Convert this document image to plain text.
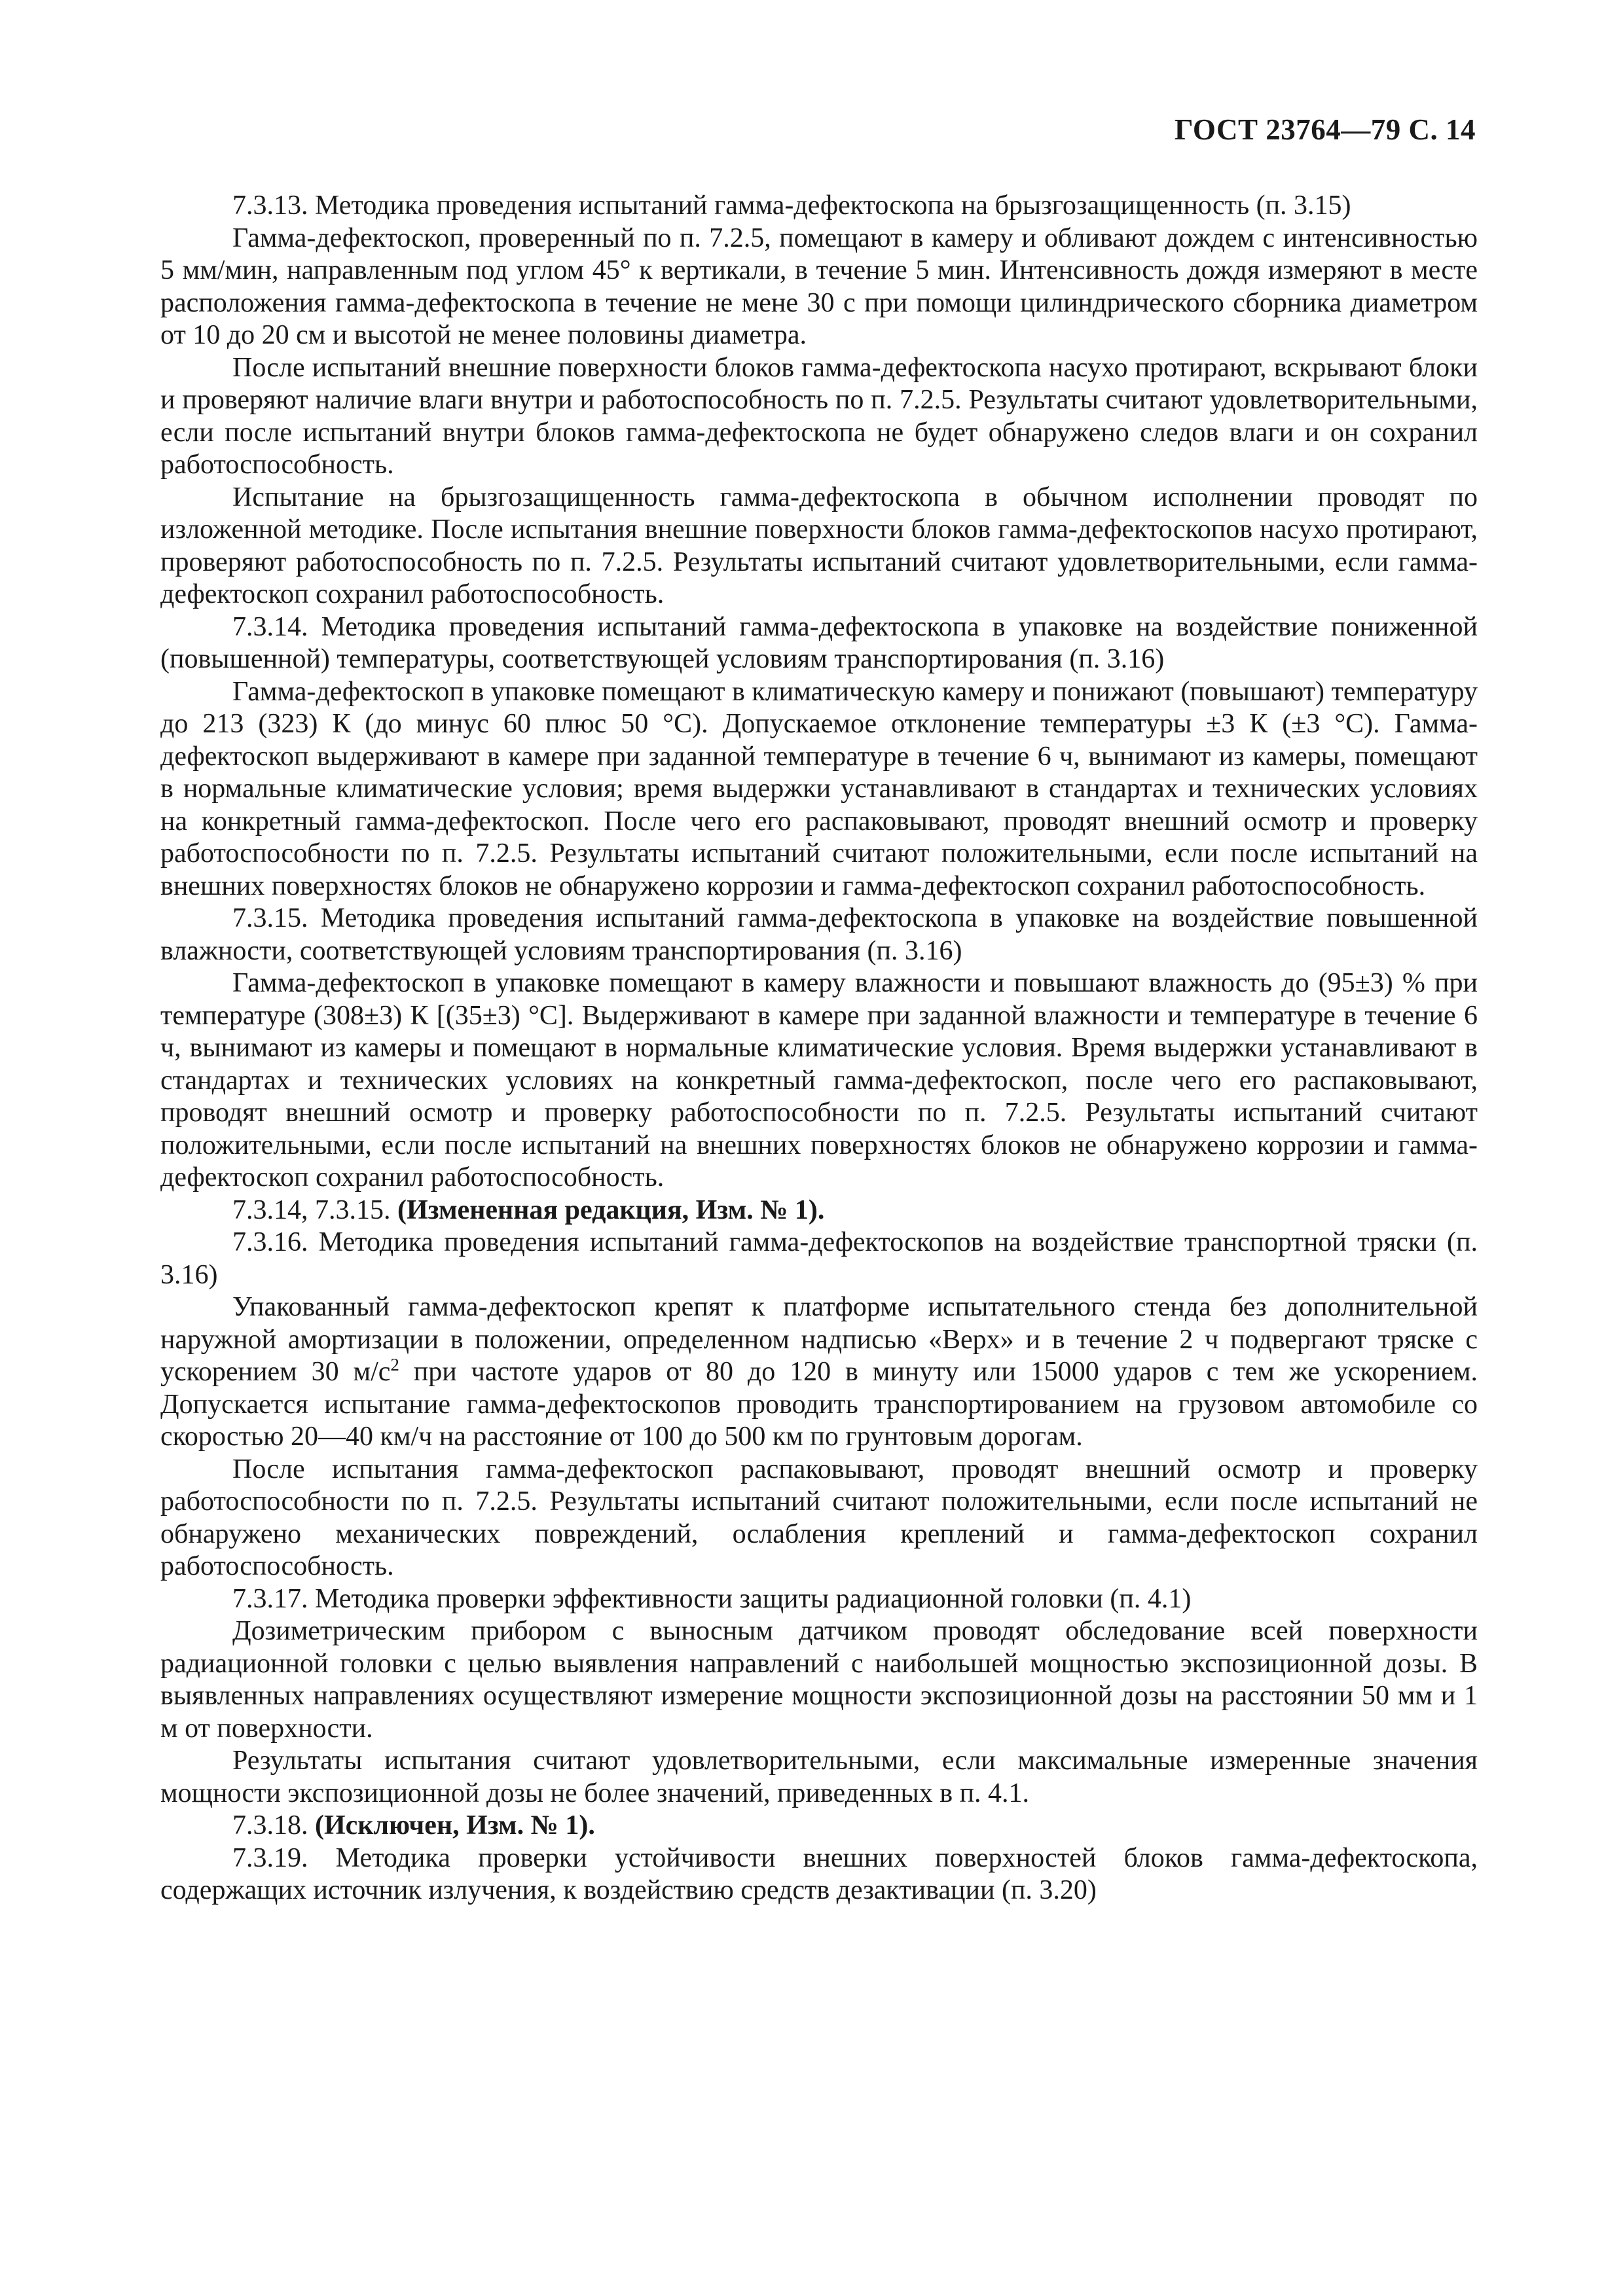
ГОСТ 23764—79 С. 14

7.3.13. Методика проведения испытаний гамма-дефектоскопа на брызгозащищенность (п. 3.15)

Гамма-дефектоскоп, проверенный по п. 7.2.5, помещают в камеру и обливают дождем с интенсивностью 5 мм/мин, направленным под углом 45° к вертикали, в течение 5 мин. Интенсивность дождя измеряют в месте расположения гамма-дефектоскопа в течение не мене 30 с при помощи цилиндрического сборника диаметром от 10 до 20 см и высотой не менее половины диаметра.

После испытаний внешние поверхности блоков гамма-дефектоскопа насухо протирают, вскрывают блоки и проверяют наличие влаги внутри и работоспособность по п. 7.2.5. Результаты считают удовлетворительными, если после испытаний внутри блоков гамма-дефектоскопа не будет обнаружено следов влаги и он сохранил работоспособность.

Испытание на брызгозащищенность гамма-дефектоскопа в обычном исполнении проводят по изложенной методике. После испытания внешние поверхности блоков гамма-дефектоскопов насухо протирают, проверяют работоспособность по п. 7.2.5. Результаты испытаний считают удовлетворительными, если гамма-дефектоскоп сохранил работоспособность.

7.3.14. Методика проведения испытаний гамма-дефектоскопа в упаковке на воздействие пониженной (повышенной) температуры, соответствующей условиям транспортирования (п. 3.16)

Гамма-дефектоскоп в упаковке помещают в климатическую камеру и понижают (повышают) температуру до 213 (323) К (до минус 60 плюс 50 °С). Допускаемое отклонение температуры ±3 К (±3 °С). Гамма-дефектоскоп выдерживают в камере при заданной температуре в течение 6 ч, вынимают из камеры, помещают в нормальные климатические условия; время выдержки устанавливают в стандартах и технических условиях на конкретный гамма-дефектоскоп. После чего его распаковывают, проводят внешний осмотр и проверку работоспособности по п. 7.2.5. Результаты испытаний считают положительными, если после испытаний на внешних поверхностях блоков не обнаружено коррозии и гамма-дефектоскоп сохранил работоспособность.

7.3.15. Методика проведения испытаний гамма-дефектоскопа в упаковке на воздействие повышенной влажности, соответствующей условиям транспортирования (п. 3.16)

Гамма-дефектоскоп в упаковке помещают в камеру влажности и повышают влажность до (95±3) % при температуре (308±3) К [(35±3) °С]. Выдерживают в камере при заданной влажности и температуре в течение 6 ч, вынимают из камеры и помещают в нормальные климатические условия. Время выдержки устанавливают в стандартах и технических условиях на конкретный гамма-дефектоскоп, после чего его распаковывают, проводят внешний осмотр и проверку работоспособности по п. 7.2.5. Результаты испытаний считают положительными, если после испытаний на внешних поверхностях блоков не обнаружено коррозии и гамма-дефектоскоп сохранил работоспособность.

7.3.14, 7.3.15. (Измененная редакция, Изм. № 1).

7.3.16. Методика проведения испытаний гамма-дефектоскопов на воздействие транспортной тряски (п. 3.16)

Упакованный гамма-дефектоскоп крепят к платформе испытательного стенда без дополнительной наружной амортизации в положении, определенном надписью «Верх» и в течение 2 ч подвергают тряске с ускорением 30 $м/с^2$ при частоте ударов от 80 до 120 в минуту или 15000 ударов с тем же ускорением. Допускается испытание гамма-дефектоскопов проводить транспортированием на грузовом автомобиле со скоростью 20—40 км/ч на расстояние от 100 до 500 км по грунтовым дорогам.

После испытания гамма-дефектоскоп распаковывают, проводят внешний осмотр и проверку работоспособности по п. 7.2.5. Результаты испытаний считают положительными, если после испытаний не обнаружено механических повреждений, ослабления креплений и гамма-дефектоскоп сохранил работоспособность.

7.3.17. Методика проверки эффективности защиты радиационной головки (п. 4.1)

Дозиметрическим прибором с выносным датчиком проводят обследование всей поверхности радиационной головки с целью выявления направлений с наибольшей мощностью экспозиционной дозы. В выявленных направлениях осуществляют измерение мощности экспозиционной дозы на расстоянии 50 мм и 1 м от поверхности.

Результаты испытания считают удовлетворительными, если максимальные измеренные значения мощности экспозиционной дозы не более значений, приведенных в п. 4.1.

7.3.18. (Исключен, Изм. № 1).

7.3.19. Методика проверки устойчивости внешних поверхностей блоков гамма-дефектоскопа, содержащих источник излучения, к воздействию средств дезактивации (п. 3.20)
